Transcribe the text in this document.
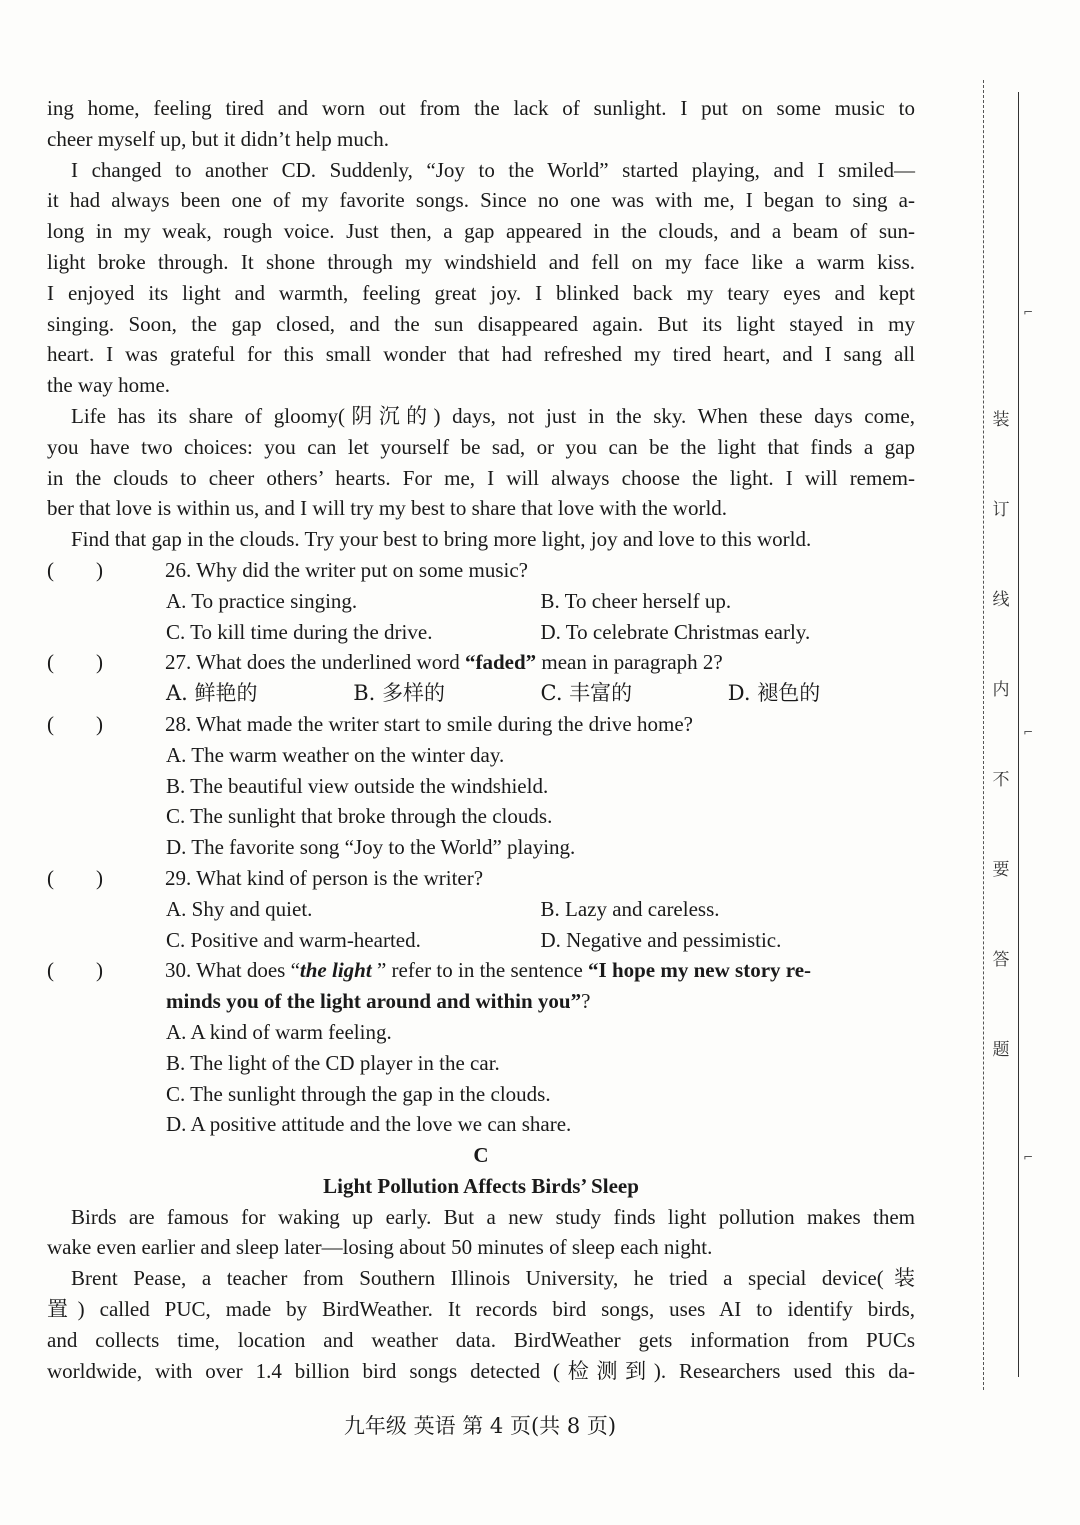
ing home, feeling tired and worn out from the lack of sunlight. I put on some music to
cheer myself up, but it didn’t help much.
I changed to another CD. Suddenly, “Joy to the World” started playing, and I smiled—
it had always been one of my favorite songs. Since no one was with me, I began to sing a-
long in my weak, rough voice. Just then, a gap appeared in the clouds, and a beam of sun-
light broke through. It shone through my windshield and fell on my face like a warm kiss.
I enjoyed its light and warmth, feeling great joy. I blinked back my teary eyes and kept
singing. Soon, the gap closed, and the sun disappeared again. But its light stayed in my
heart. I was grateful for this small wonder that had refreshed my tired heart, and I sang all
the way home.
Life has its share of gloomy(阴沉的) days, not just in the sky. When these days come,
you have two choices: you can let yourself be sad, or you can be the light that finds a gap
in the clouds to cheer others’ hearts. For me, I will always choose the light. I will remem-
ber that love is within us, and I will try my best to share that love with the world.
Find that gap in the clouds. Try your best to bring more light, joy and love to this world.
(　　)	26. Why did the writer put on some music?
A. To practice singing.	B. To cheer herself up.
C. To kill time during the drive.	D. To celebrate Christmas early.
(　　)	27. What does the underlined word “faded” mean in paragraph 2?
A. 鲜艳的	B. 多样的	C. 丰富的	D. 褪色的
(　　)	28. What made the writer start to smile during the drive home?
A. The warm weather on the winter day.
B. The beautiful view outside the windshield.
C. The sunlight that broke through the clouds.
D. The favorite song “Joy to the World” playing.
(　　)	29. What kind of person is the writer?
A. Shy and quiet.	B. Lazy and careless.
C. Positive and warm-hearted.	D. Negative and pessimistic.
(　　)	30. What does “the light ” refer to in the sentence “I hope my new story re-
minds you of the light around and within you”?
A. A kind of warm feeling.
B. The light of the CD player in the car.
C. The sunlight through the gap in the clouds.
D. A positive attitude and the love we can share.
C
Light Pollution Affects Birds’ Sleep
Birds are famous for waking up early. But a new study finds light pollution makes them
wake even earlier and sleep later—losing about 50 minutes of sleep each night.
Brent Pease, a teacher from Southern Illinois University, he tried a special device(装
置) called PUC, made by BirdWeather. It records bird songs, uses AI to identify birds,
and collects time, location and weather data. BirdWeather gets information from PUCs
worldwide, with over 1.4 billion bird songs detected (检测到). Researchers used this da-
九年级 英语 第 4 页(共 8 页)
⌐
⌐
装
订
线
内
不
要
答
题
⌐
